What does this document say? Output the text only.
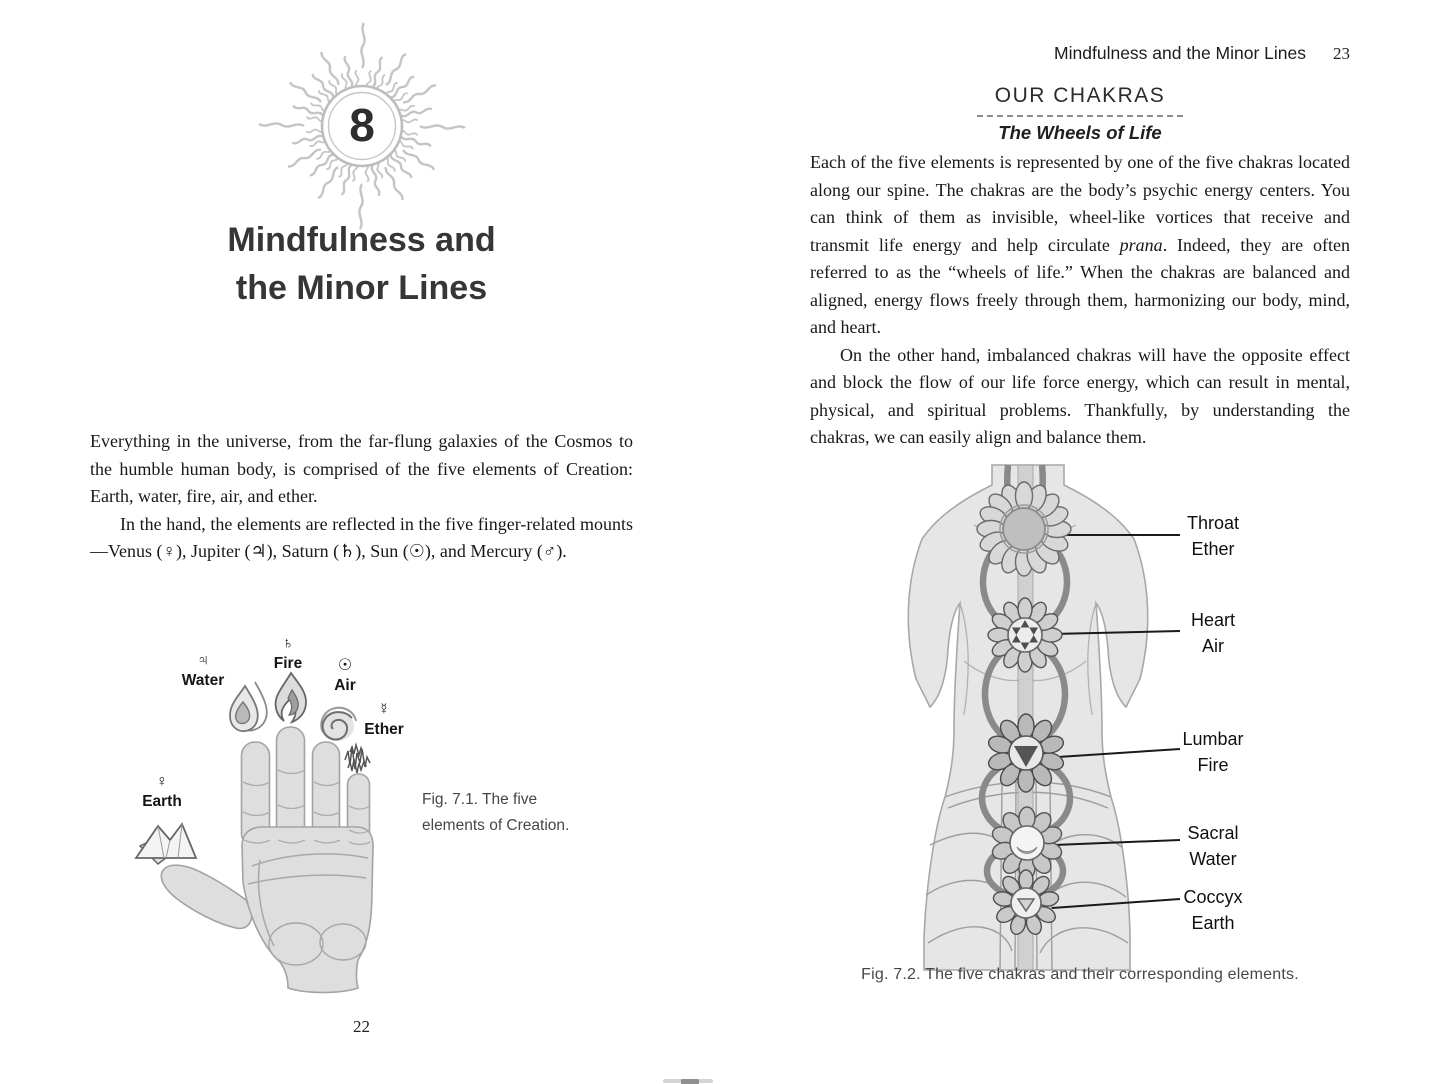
8
Mindfulness and
the Minor Lines

Everything in the universe, from the far-flung galaxies of the Cosmos to the humble human body, is comprised of the five elements of Creation: Earth, water, fire, air, and ether.

In the hand, the elements are reflected in the five finger-related mounts—Venus (♀), Jupiter (♃), Saturn (♄), Sun (☉), and Mercury (♂).

♃
Water
♄
Fire	☉
Air
☿
Ether
♀
Earth	Fig. 7.1. The five
elements of Creation.
22
Mindfulness and the Minor Lines 23
OUR CHAKRAS
The Wheels of Life

Each of the five elements is represented by one of the five chakras located along our spine. The chakras are the body’s psychic energy centers. You can think of them as invisible, wheel-like vortices that receive and transmit life energy and help circulate prana. Indeed, they are often referred to as the “wheels of life.” When the chakras are balanced and aligned, energy flows freely through them, harmonizing our body, mind, and heart.

On the other hand, imbalanced chakras will have the opposite effect and block the flow of our life force energy, which can result in mental, physical, and spiritual problems. Thankfully, by understanding the chakras, we can easily align and balance them.

Throat
Ether
Heart
Air
Lumbar
Fire
Sacral
Water
Coccyx
Earth
Fig. 7.2. The five chakras and their corresponding elements.
